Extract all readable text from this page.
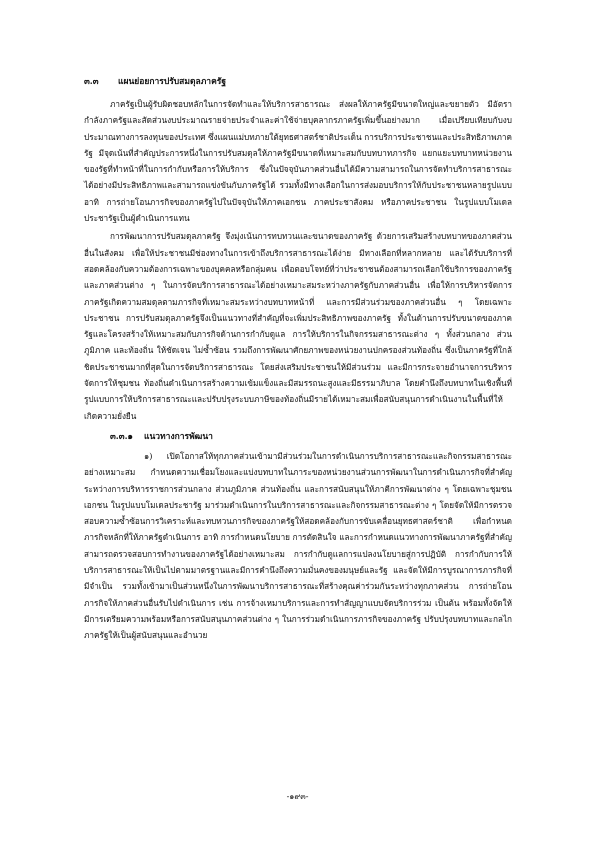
๓.๓ แผนย่อยการปรับสมดุลภาครัฐ

ภาครัฐเป็นผู้รับผิดชอบหลักในการจัดทำและให้บริการสาธารณะ ส่งผลให้ภาครัฐมีขนาดใหญ่และขยายตัว มีอัตรากำลังภาครัฐและสัดส่วนงบประมาณรายจ่ายประจำและค่าใช้จ่ายบุคลากรภาครัฐเพิ่มขึ้นอย่างมาก เมื่อเปรียบเทียบกับงบประมาณทางการลงทุนของประเทศ ซึ่งแผนแม่บทภายใต้ยุทธศาสตร์ชาติประเด็น การบริการประชาชนและประสิทธิภาพภาครัฐ มีจุดเน้นที่สำคัญประการหนึ่งในการปรับสมดุลให้ภาครัฐมีขนาดที่เหมาะสมกับบทบาทภารกิจ แยกแยะบทบาทหน่วยงานของรัฐที่ทำหน้าที่ในการกำกับหรือการให้บริการ ซึ่งในปัจจุบันภาคส่วนอื่นได้มีความสามารถในการจัดทำบริการสาธารณะได้อย่างมีประสิทธิภาพและสามารถแข่งขันกับภาครัฐได้ รวมทั้งมีทางเลือกในการส่งมอบบริการให้กับประชาชนหลายรูปแบบ อาทิ การถ่ายโอนภารกิจของภาครัฐไปในปัจจุบันให้ภาคเอกชน ภาคประชาสังคม หรือภาคประชาชน ในรูปแบบโมเดลประชารัฐเป็นผู้ดำเนินการแทน

การพัฒนาการปรับสมดุลภาครัฐ จึงมุ่งเน้นการทบทวนและขนาดของภาครัฐ ด้วยการเสริมสร้างบทบาทของภาคส่วนอื่นในสังคม เพื่อให้ประชาชนมีช่องทางในการเข้าถึงบริการสาธารณะได้ง่าย มีทางเลือกที่หลากหลาย และได้รับบริการที่สอดคล้องกับความต้องการเฉพาะของบุคคลหรือกลุ่มคน เพื่อตอบโจทย์ที่ว่าประชาชนต้องสามารถเลือกใช้บริการของภาครัฐ และภาคส่วนต่าง ๆ ในการจัดบริการสาธารณะได้อย่างเหมาะสมระหว่างภาครัฐกับภาคส่วนอื่น เพื่อให้การบริหารจัดการภาครัฐเกิดความสมดุลตามภารกิจที่เหมาะสมระหว่างบทบาทหน้าที่ และการมีส่วนร่วมของภาคส่วนอื่น ๆ โดยเฉพาะประชาชน การปรับสมดุลภาครัฐจึงเป็นแนวทางที่สำคัญที่จะเพิ่มประสิทธิภาพของภาครัฐ ทั้งในด้านการปรับขนาดของภาครัฐและโครงสร้างให้เหมาะสมกับภารกิจด้านการกำกับดูแล การให้บริการในกิจกรรมสาธารณะต่าง ๆ ทั้งส่วนกลาง ส่วนภูมิภาค และท้องถิ่น ให้ชัดเจน ไม่ซ้ำซ้อน รวมถึงการพัฒนาศักยภาพของหน่วยงานปกครองส่วนท้องถิ่น ซึ่งเป็นภาครัฐที่ใกล้ชิดประชาชนมากที่สุดในการจัดบริการสาธารณะ โดยส่งเสริมประชาชนให้มีส่วนร่วม และมีการกระจายอำนาจการบริหารจัดการให้ชุมชน ท้องถิ่นดำเนินการสร้างความเข้มแข็งและมีสมรรถนะสูงและมีธรรมาภิบาล โดยคำนึงถึงบทบาทในเชิงพื้นที่ รูปแบบการให้บริการสาธารณะและปรับปรุงระบบภาษีของท้องถิ่นมีรายได้เหมาะสมเพื่อสนับสนุนการดำเนินงานในพื้นที่ให้เกิดความยั่งยืน

๓.๓.๑ แนวทางการพัฒนา

๑) เปิดโอกาสให้ทุกภาคส่วนเข้ามามีส่วนร่วมในการดำเนินการบริการสาธารณะและกิจกรรมสาธารณะอย่างเหมาะสม กำหนดความเชื่อมโยงและแบ่งบทบาทในภาระของหน่วยงานส่วนการพัฒนาในการดำเนินภารกิจที่สำคัญระหว่างการบริหารราชการส่วนกลาง ส่วนภูมิภาค ส่วนท้องถิ่น และการสนับสนุนให้ภาคีการพัฒนาต่าง ๆ โดยเฉพาะชุมชน เอกชน ในรูปแบบโมเดลประชารัฐ มาร่วมดำเนินการในบริการสาธารณะและกิจกรรมสาธารณะต่าง ๆ โดยจัดให้มีการตรวจสอบความซ้ำซ้อนการวิเคราะห์และทบทวนภารกิจของภาครัฐให้สอดคล้องกับการขับเคลื่อนยุทธศาสตร์ชาติ เพื่อกำหนดภารกิจหลักที่ให้ภาครัฐดำเนินการ อาทิ การกำหนดนโยบาย การตัดสินใจ และการกำหนดแนวทางการพัฒนาภาครัฐที่สำคัญ สามารถตรวจสอบการทำงานของภาครัฐได้อย่างเหมาะสม การกำกับดูแลการแปลงนโยบายสู่การปฏิบัติ การกำกับการให้บริการสาธารณะให้เป็นไปตามมาตรฐานและมีการคำนึงถึงความมั่นคงของมนุษย์และรัฐ และจัดให้มีการบูรณาการภารกิจที่มีจำเป็น รวมทั้งเข้ามาเป็นส่วนหนึ่งในการพัฒนาบริการสาธารณะที่สร้างคุณค่าร่วมกันระหว่างทุกภาคส่วน การถ่ายโอนภารกิจให้ภาคส่วนอื่นรับไปดำเนินการ เช่น การจ้างเหมาบริการและการทำสัญญาแบบจัดบริการร่วม เป็นต้น พร้อมทั้งจัดให้มีการเตรียมความพร้อมหรือการสนับสนุนภาคส่วนต่าง ๆ ในการร่วมดำเนินการภารกิจของภาครัฐ ปรับปรุงบทบาทและกลไกภาครัฐให้เป็นผู้สนับสนุนและอำนวย

-๑๙๓-
